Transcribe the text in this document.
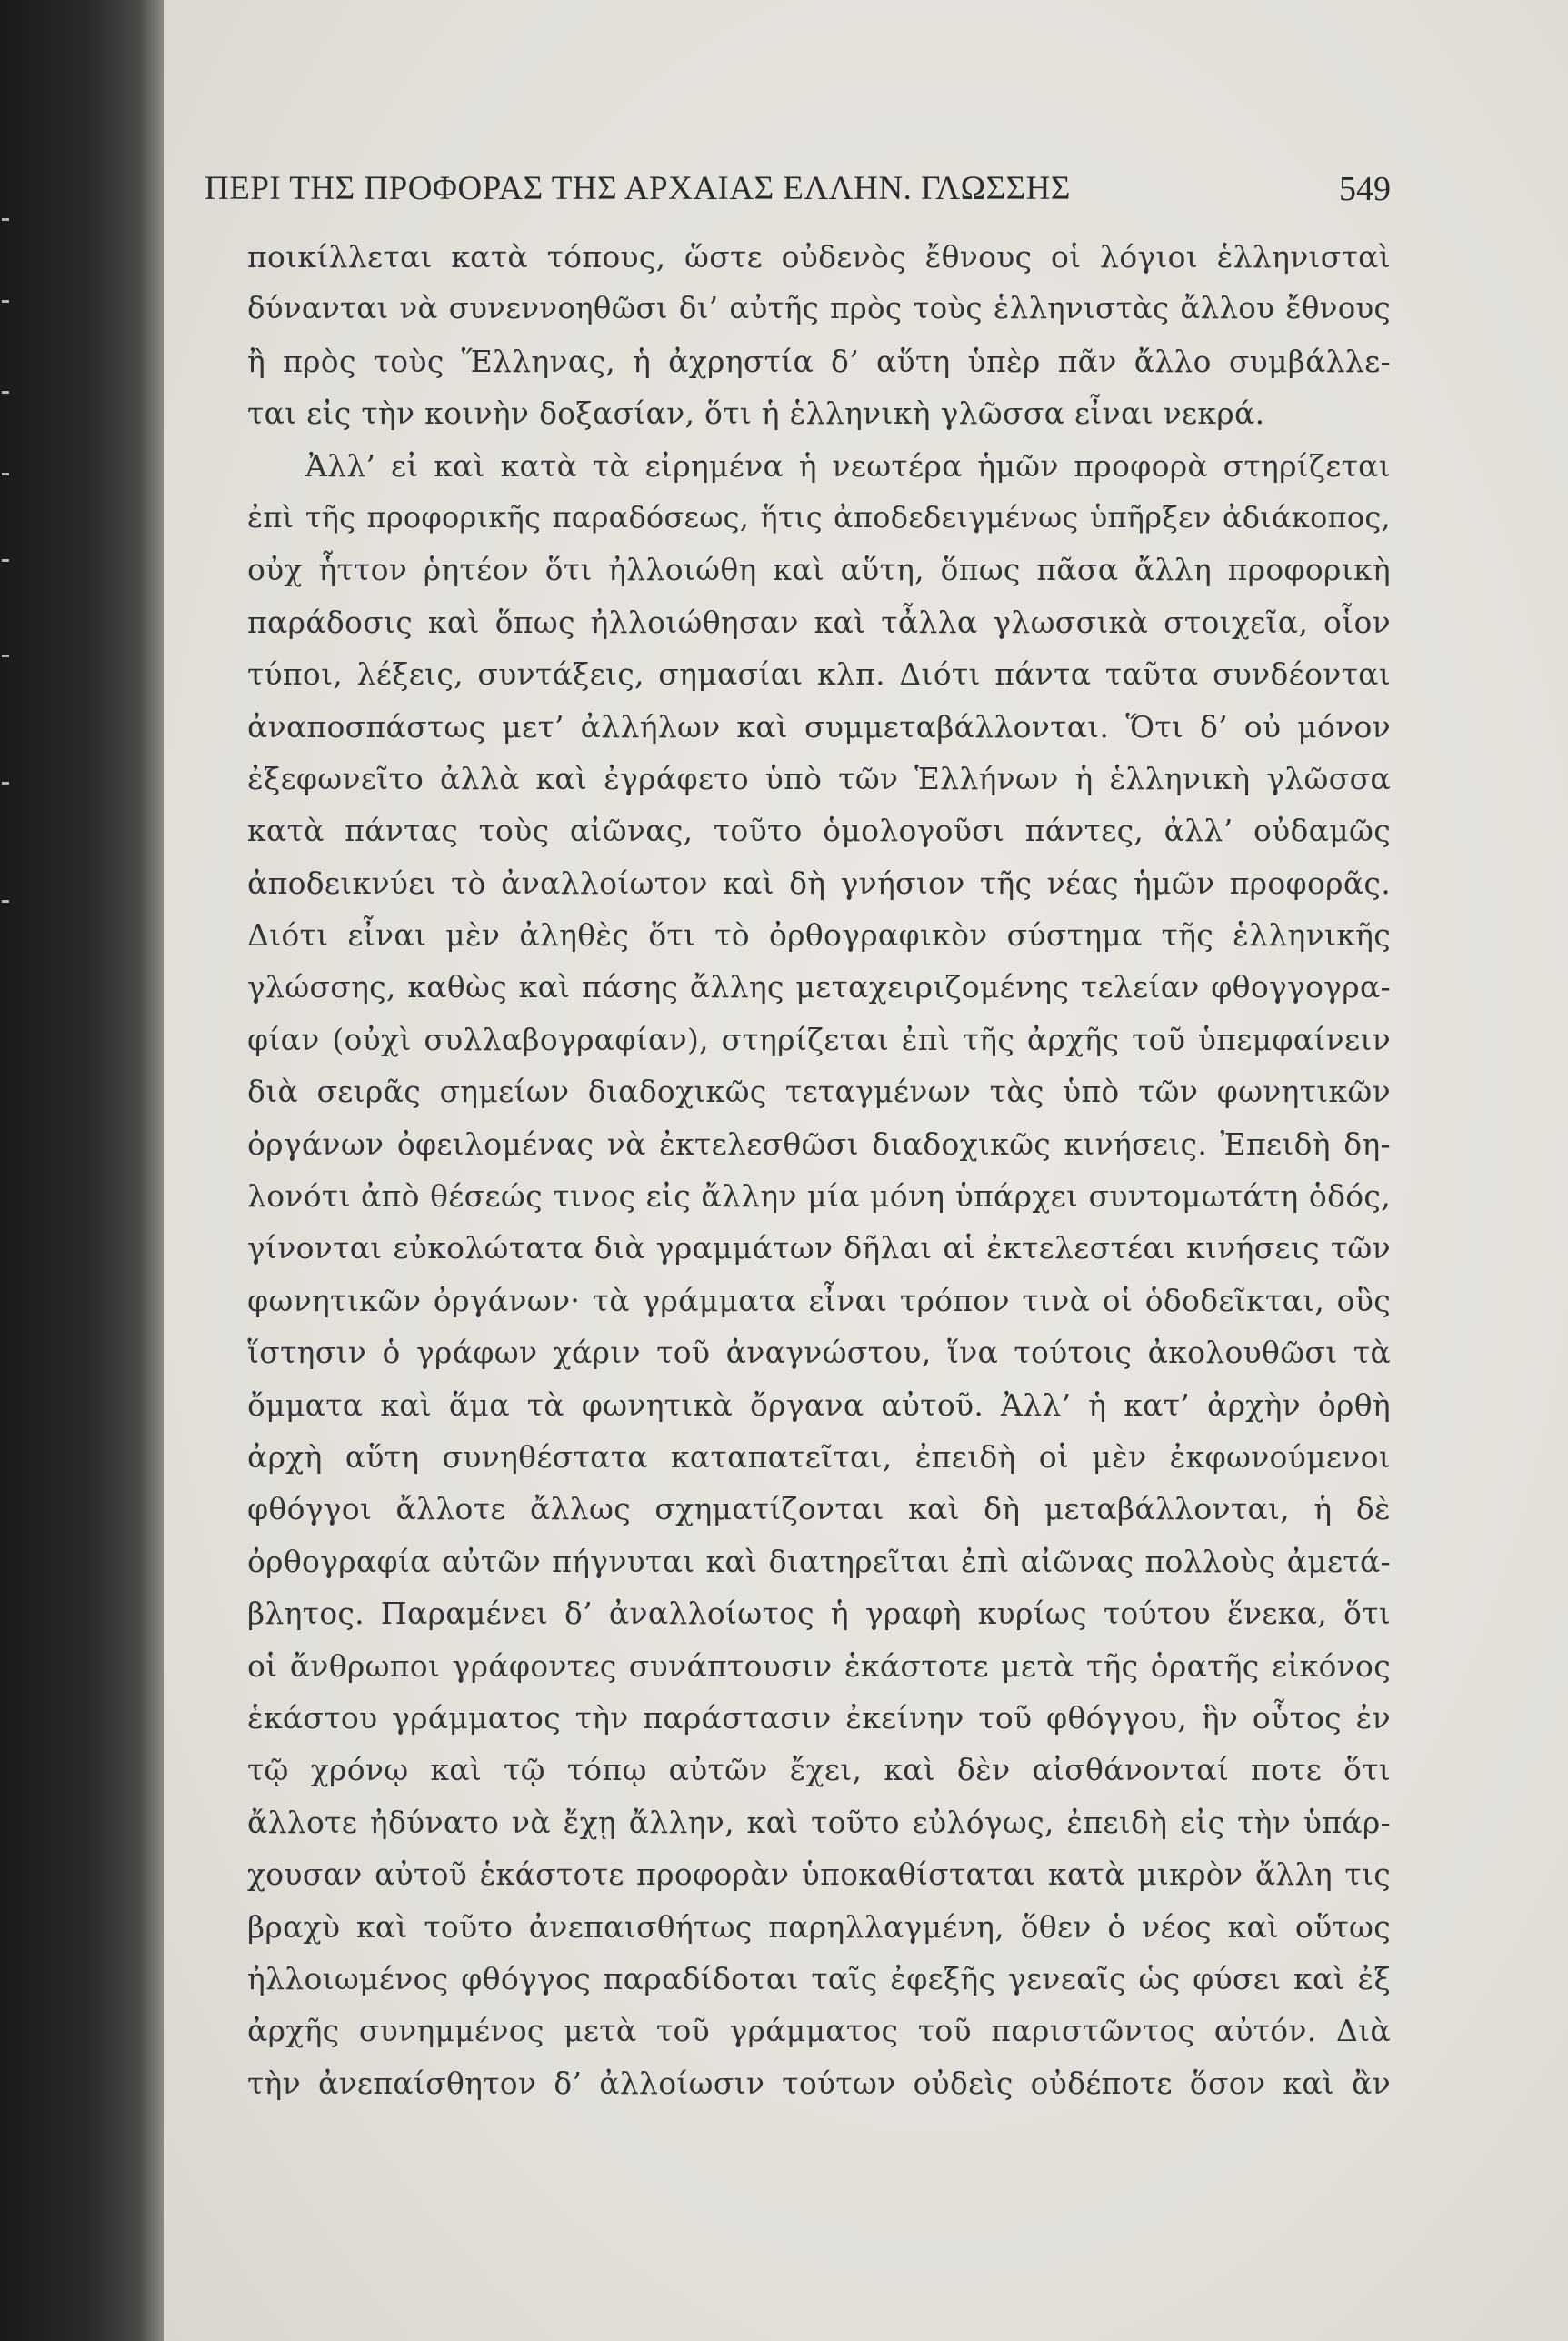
ΠΕΡΙ ΤΗΣ ΠΡΟΦΟΡΑΣ ΤΗΣ ΑΡΧΑΙΑΣ ΕΛΛΗΝ. ΓΛΩΣΣΗΣ	549
ποικίλλεται κατὰ τόπους, ὥστε οὐδενὸς ἔθνους οἱ λόγιοι ἑλληνισταὶ
δύνανται νὰ συνεννοηθῶσι δι’ αὐτῆς πρὸς τοὺς ἑλληνιστὰς ἄλλου ἔθνους
ἢ πρὸς τοὺς Ἕλληνας, ἡ ἀχρηστία δ’ αὕτη ὑπὲρ πᾶν ἄλλο συμβάλλε-
ται εἰς τὴν κοινὴν δοξασίαν, ὅτι ἡ ἑλληνικὴ γλῶσσα εἶναι νεκρά.
Ἀλλ’ εἰ καὶ κατὰ τὰ εἰρημένα ἡ νεωτέρα ἡμῶν προφορὰ στηρίζεται
ἐπὶ τῆς προφορικῆς παραδόσεως, ἥτις ἀποδεδειγμένως ὑπῆρξεν ἀδιάκοπος,
οὐχ ἧττον ῥητέον ὅτι ἠλλοιώθη καὶ αὕτη, ὅπως πᾶσα ἄλλη προφορικὴ
παράδοσις καὶ ὅπως ἠλλοιώθησαν καὶ τἆλλα γλωσσικὰ στοιχεῖα, οἷον
τύποι, λέξεις, συντάξεις, σημασίαι κλπ. Διότι πάντα ταῦτα συνδέονται
ἀναποσπάστως μετ’ ἀλλήλων καὶ συμμεταβάλλονται. Ὅτι δ’ οὐ μόνον
ἐξεφωνεῖτο ἀλλὰ καὶ ἐγράφετο ὑπὸ τῶν Ἑλλήνων ἡ ἑλληνικὴ γλῶσσα
κατὰ πάντας τοὺς αἰῶνας, τοῦτο ὁμολογοῦσι πάντες, ἀλλ’ οὐδαμῶς
ἀποδεικνύει τὸ ἀναλλοίωτον καὶ δὴ γνήσιον τῆς νέας ἡμῶν προφορᾶς.
Διότι εἶναι μὲν ἀληθὲς ὅτι τὸ ὀρθογραφικὸν σύστημα τῆς ἑλληνικῆς
γλώσσης, καθὼς καὶ πάσης ἄλλης μεταχειριζομένης τελείαν φθογγογρα-
φίαν (οὐχὶ συλλαβογραφίαν), στηρίζεται ἐπὶ τῆς ἀρχῆς τοῦ ὑπεμφαίνειν
διὰ σειρᾶς σημείων διαδοχικῶς τεταγμένων τὰς ὑπὸ τῶν φωνητικῶν
ὀργάνων ὀφειλομένας νὰ ἐκτελεσθῶσι διαδοχικῶς κινήσεις. Ἐπειδὴ δη-
λονότι ἀπὸ θέσεώς τινος εἰς ἄλλην μία μόνη ὑπάρχει συντομωτάτη ὁδός,
γίνονται εὐκολώτατα διὰ γραμμάτων δῆλαι αἱ ἐκτελεστέαι κινήσεις τῶν
φωνητικῶν ὀργάνων· τὰ γράμματα εἶναι τρόπον τινὰ οἱ ὁδοδεῖκται, οὓς
ἵστησιν ὁ γράφων χάριν τοῦ ἀναγνώστου, ἵνα τούτοις ἀκολουθῶσι τὰ
ὄμματα καὶ ἅμα τὰ φωνητικὰ ὄργανα αὐτοῦ. Ἀλλ’ ἡ κατ’ ἀρχὴν ὀρθὴ
ἀρχὴ αὕτη συνηθέστατα καταπατεῖται, ἐπειδὴ οἱ μὲν ἐκφωνούμενοι
φθόγγοι ἄλλοτε ἄλλως σχηματίζονται καὶ δὴ μεταβάλλονται, ἡ δὲ
ὀρθογραφία αὐτῶν πήγνυται καὶ διατηρεῖται ἐπὶ αἰῶνας πολλοὺς ἀμετά-
βλητος. Παραμένει δ’ ἀναλλοίωτος ἡ γραφὴ κυρίως τούτου ἕνεκα, ὅτι
οἱ ἄνθρωποι γράφοντες συνάπτουσιν ἑκάστοτε μετὰ τῆς ὁρατῆς εἰκόνος
ἑκάστου γράμματος τὴν παράστασιν ἐκείνην τοῦ φθόγγου, ἣν οὗτος ἐν
τῷ χρόνῳ καὶ τῷ τόπῳ αὐτῶν ἔχει, καὶ δὲν αἰσθάνονταί ποτε ὅτι
ἄλλοτε ἠδύνατο νὰ ἔχῃ ἄλλην, καὶ τοῦτο εὐλόγως, ἐπειδὴ εἰς τὴν ὑπάρ-
χουσαν αὐτοῦ ἑκάστοτε προφορὰν ὑποκαθίσταται κατὰ μικρὸν ἄλλη τις
βραχὺ καὶ τοῦτο ἀνεπαισθήτως παρηλλαγμένη, ὅθεν ὁ νέος καὶ οὕτως
ἠλλοιωμένος φθόγγος παραδίδοται ταῖς ἐφεξῆς γενεαῖς ὡς φύσει καὶ ἐξ
ἀρχῆς συνημμένος μετὰ τοῦ γράμματος τοῦ παριστῶντος αὐτόν. Διὰ
τὴν ἀνεπαίσθητον δ’ ἀλλοίωσιν τούτων οὐδεὶς οὐδέποτε ὅσον καὶ ἂν
